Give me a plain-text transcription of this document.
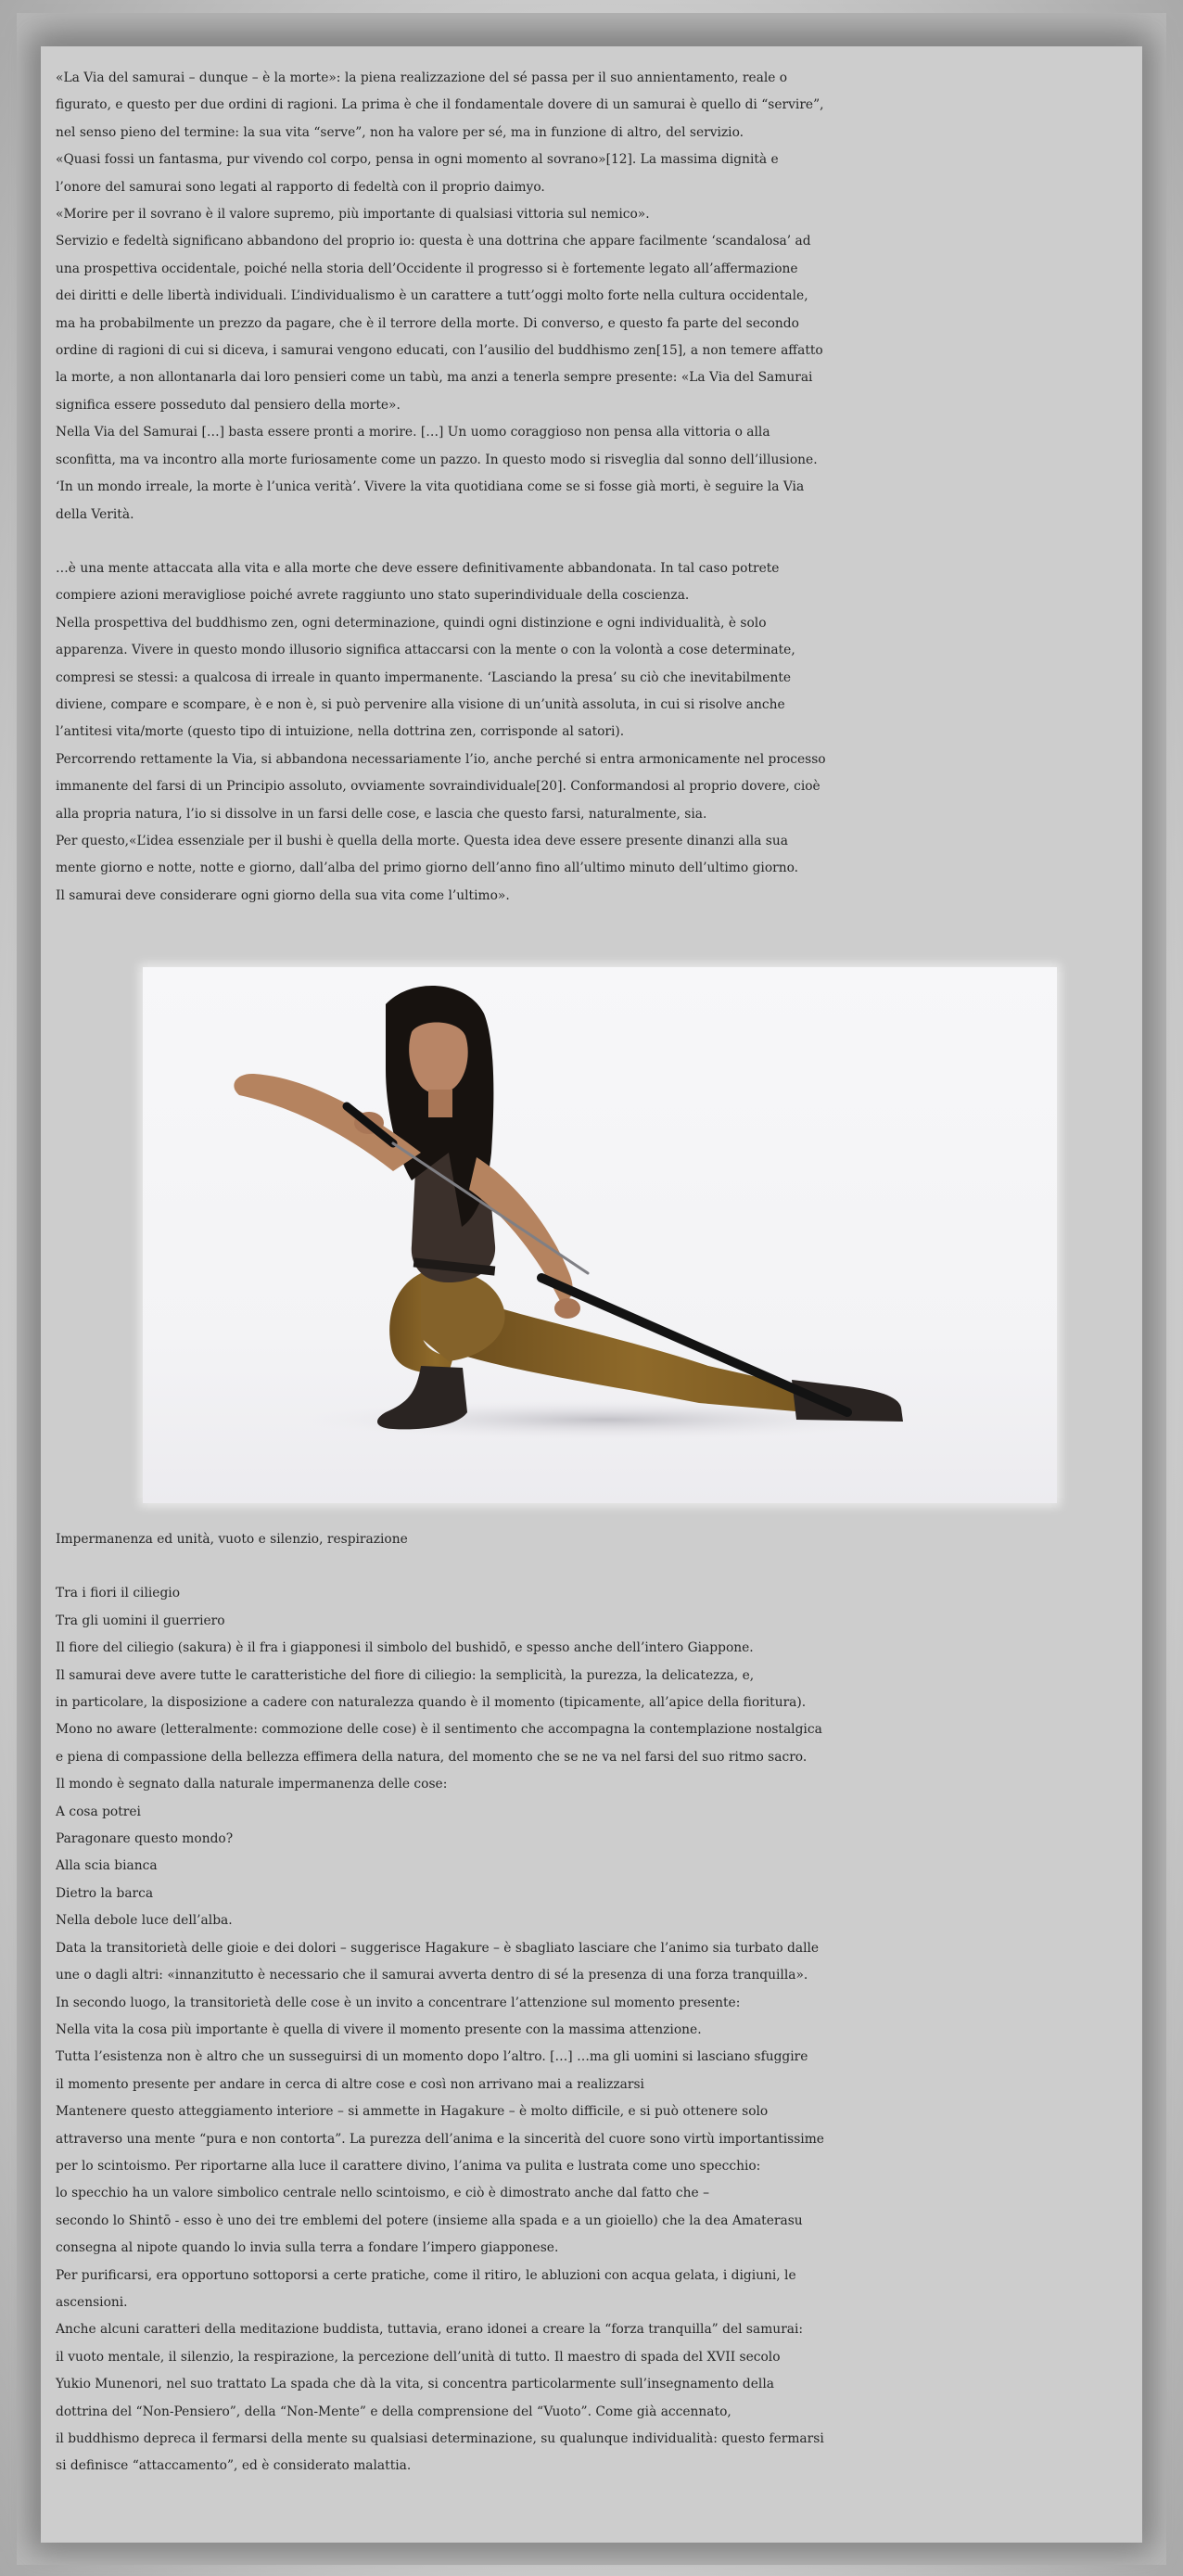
«La Via del samurai – dunque – è la morte»: la piena realizzazione del sé passa per il suo annientamento, reale o

figurato, e questo per due ordini di ragioni. La prima è che il fondamentale dovere di un samurai è quello di “servire”,

nel senso pieno del termine: la sua vita “serve”, non ha valore per sé, ma in funzione di altro, del servizio.

«Quasi fossi un fantasma, pur vivendo col corpo, pensa in ogni momento al sovrano»[12]. La massima dignità e

l’onore del samurai sono legati al rapporto di fedeltà con il proprio daimyo.

«Morire per il sovrano è il valore supremo, più importante di qualsiasi vittoria sul nemico».

Servizio e fedeltà significano abbandono del proprio io: questa è una dottrina che appare facilmente ‘scandalosa’ ad

una prospettiva occidentale, poiché nella storia dell’Occidente il progresso si è fortemente legato all’affermazione

dei diritti e delle libertà individuali. L’individualismo è un carattere a tutt’oggi molto forte nella cultura occidentale,

ma ha probabilmente un prezzo da pagare, che è il terrore della morte. Di converso, e questo fa parte del secondo

ordine di ragioni di cui si diceva, i samurai vengono educati, con l’ausilio del buddhismo zen[15], a non temere affatto

la morte, a non allontanarla dai loro pensieri come un tabù, ma anzi a tenerla sempre presente: «La Via del Samurai

significa essere posseduto dal pensiero della morte».

Nella Via del Samurai […] basta essere pronti a morire. […] Un uomo coraggioso non pensa alla vittoria o alla

sconfitta, ma va incontro alla morte furiosamente come un pazzo. In questo modo si risveglia dal sonno dell’illusione.

‘In un mondo irreale, la morte è l’unica verità’. Vivere la vita quotidiana come se si fosse già morti, è seguire la Via

della Verità.

…è una mente attaccata alla vita e alla morte che deve essere definitivamente abbandonata. In tal caso potrete

compiere azioni meravigliose poiché avrete raggiunto uno stato superindividuale della coscienza.

Nella prospettiva del buddhismo zen, ogni determinazione, quindi ogni distinzione e ogni individualità, è solo

apparenza. Vivere in questo mondo illusorio significa attaccarsi con la mente o con la volontà a cose determinate,

compresi se stessi: a qualcosa di irreale in quanto impermanente. ‘Lasciando la presa’ su ciò che inevitabilmente

diviene, compare e scompare, è e non è, si può pervenire alla visione di un’unità assoluta, in cui si risolve anche

l’antitesi vita/morte (questo tipo di intuizione, nella dottrina zen, corrisponde al satori).

Percorrendo rettamente la Via, si abbandona necessariamente l’io, anche perché si entra armonicamente nel processo

immanente del farsi di un Principio assoluto, ovviamente sovraindividuale[20]. Conformandosi al proprio dovere, cioè

alla propria natura, l’io si dissolve in un farsi delle cose, e lascia che questo farsi, naturalmente, sia.

Per questo,«L’idea essenziale per il bushi è quella della morte. Questa idea deve essere presente dinanzi alla sua

mente giorno e notte, notte e giorno, dall’alba del primo giorno dell’anno fino all’ultimo minuto dell’ultimo giorno.

Il samurai deve considerare ogni giorno della sua vita come l’ultimo».

Impermanenza ed unità, vuoto e silenzio, respirazione

Tra i fiori il ciliegio

Tra gli uomini il guerriero

Il fiore del ciliegio (sakura) è il fra i giapponesi il simbolo del bushidō, e spesso anche dell’intero Giappone.

Il samurai deve avere tutte le caratteristiche del fiore di ciliegio: la semplicità, la purezza, la delicatezza, e,

in particolare, la disposizione a cadere con naturalezza quando è il momento (tipicamente, all’apice della fioritura).

Mono no aware (letteralmente: commozione delle cose) è il sentimento che accompagna la contemplazione nostalgica

e piena di compassione della bellezza effimera della natura, del momento che se ne va nel farsi del suo ritmo sacro.

Il mondo è segnato dalla naturale impermanenza delle cose:

A cosa potrei

Paragonare questo mondo?

Alla scia bianca

Dietro la barca

Nella debole luce dell’alba.

Data la transitorietà delle gioie e dei dolori – suggerisce Hagakure – è sbagliato lasciare che l’animo sia turbato dalle

une o dagli altri: «innanzitutto è necessario che il samurai avverta dentro di sé la presenza di una forza tranquilla».

In secondo luogo, la transitorietà delle cose è un invito a concentrare l’attenzione sul momento presente:

Nella vita la cosa più importante è quella di vivere il momento presente con la massima attenzione.

Tutta l’esistenza non è altro che un susseguirsi di un momento dopo l’altro. […] …ma gli uomini si lasciano sfuggire

il momento presente per andare in cerca di altre cose e così non arrivano mai a realizzarsi

Mantenere questo atteggiamento interiore – si ammette in Hagakure – è molto difficile, e si può ottenere solo

attraverso una mente “pura e non contorta”. La purezza dell’anima e la sincerità del cuore sono virtù importantissime

per lo scintoismo. Per riportarne alla luce il carattere divino, l’anima va pulita e lustrata come uno specchio:

lo specchio ha un valore simbolico centrale nello scintoismo, e ciò è dimostrato anche dal fatto che –

secondo lo Shintō - esso è uno dei tre emblemi del potere (insieme alla spada e a un gioiello) che la dea Amaterasu

consegna al nipote quando lo invia sulla terra a fondare l’impero giapponese.

Per purificarsi, era opportuno sottoporsi a certe pratiche, come il ritiro, le abluzioni con acqua gelata, i digiuni, le

ascensioni.

Anche alcuni caratteri della meditazione buddista, tuttavia, erano idonei a creare la “forza tranquilla” del samurai:

il vuoto mentale, il silenzio, la respirazione, la percezione dell’unità di tutto. Il maestro di spada del XVII secolo

Yukio Munenori, nel suo trattato La spada che dà la vita, si concentra particolarmente sull’insegnamento della

dottrina del “Non-Pensiero”, della “Non-Mente” e della comprensione del “Vuoto”. Come già accennato,

il buddhismo depreca il fermarsi della mente su qualsiasi determinazione, su qualunque individualità: questo fermarsi

si definisce “attaccamento”, ed è considerato malattia.
